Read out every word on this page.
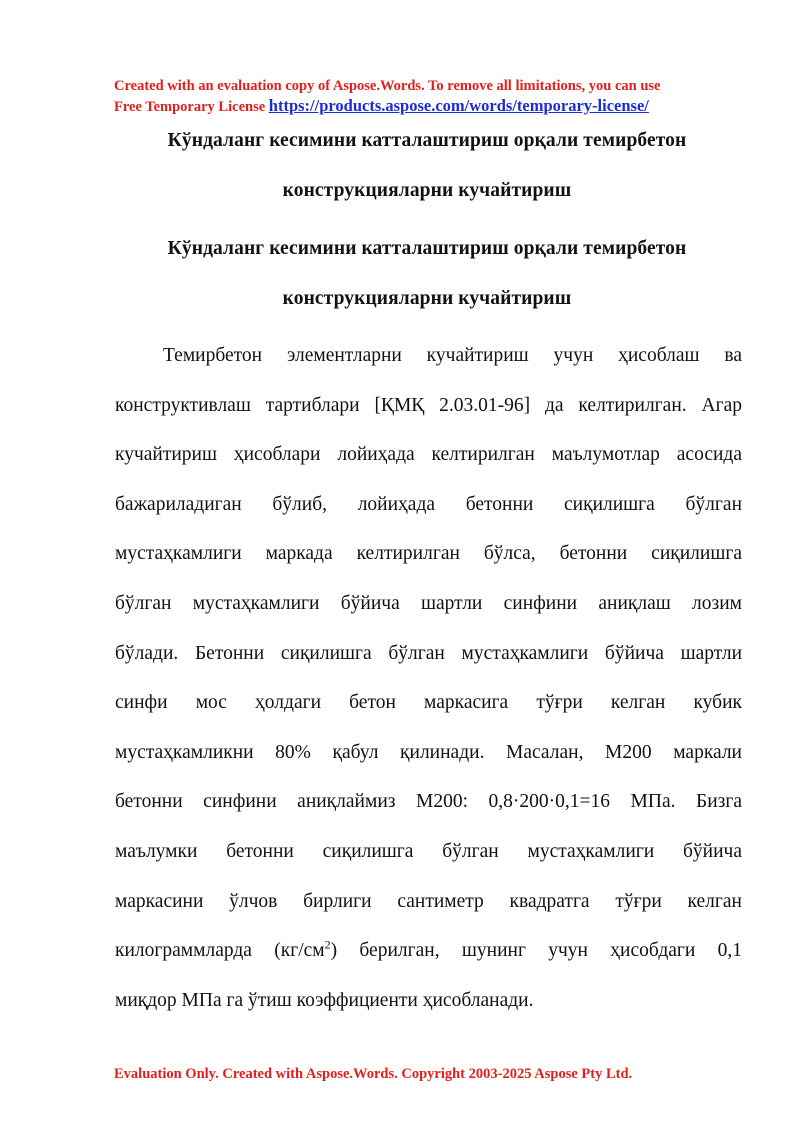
Created with an evaluation copy of Aspose.Words. To remove all limitations, you can use
Free Temporary License https://products.aspose.com/words/temporary-license/
Кўндаланг кесимини катталаштириш орқали темирбетон
конструкцияларни кучайтириш
Кўндаланг кесимини катталаштириш орқали темирбетон
конструкцияларни кучайтириш
Темирбетон элементларни кучайтириш учун ҳисоблаш ва
конструктивлаш тартиблари [ҚМҚ 2.03.01-96] да келтирилган. Агар
кучайтириш ҳисоблари лойиҳада келтирилган маълумотлар асосида
бажариладиган бўлиб, лойиҳада бетонни сиқилишга бўлган
мустаҳкамлиги маркада келтирилган бўлса, бетонни сиқилишга
бўлган мустаҳкамлиги бўйича шартли синфини аниқлаш лозим
бўлади. Бетонни сиқилишга бўлган мустаҳкамлиги бўйича шартли
синфи мос ҳолдаги бетон маркасига тўғри келган кубик
мустаҳкамликни 80% қабул қилинади. Масалан, М200 маркали
бетонни синфини аниқлаймиз М200: 0,8·200·0,1=16 МПа. Бизга
маълумки бетонни сиқилишга бўлган мустаҳкамлиги бўйича
маркасини ўлчов бирлиги сантиметр квадратга тўғри келган
килограммларда $(кг/см^2)$ берилган, шунинг учун ҳисобдаги 0,1
миқдор МПа га ўтиш коэффициенти ҳисобланади.
Evaluation Only. Created with Aspose.Words. Copyright 2003-2025 Aspose Pty Ltd.
